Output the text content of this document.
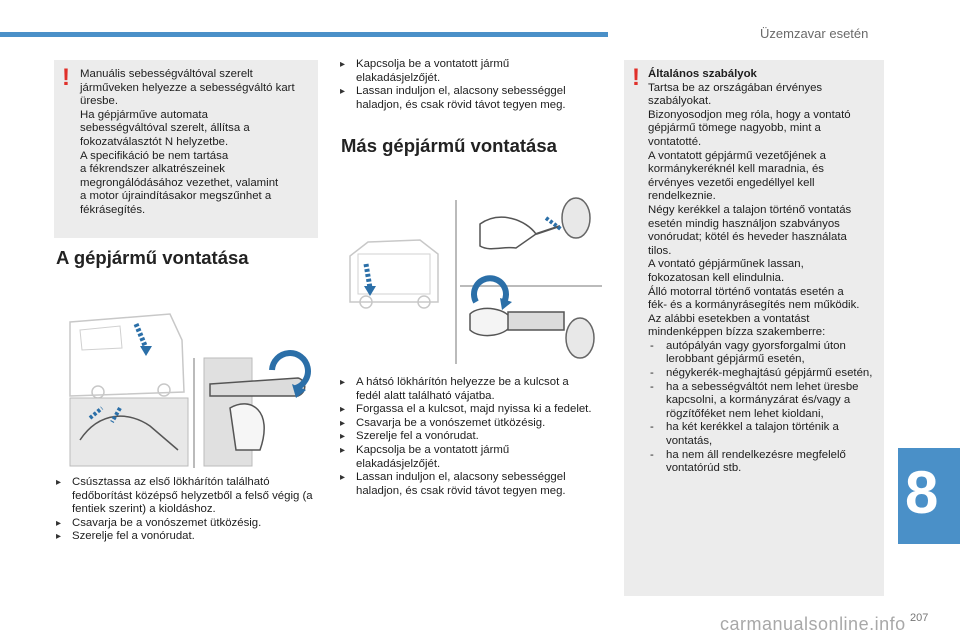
Üzemzavar esetén
! Manuális sebességváltóval szerelt

járműveken helyezze a sebességváltó kart

üresbe.

Ha gépjárműve automata

sebességváltóval szerelt, állítsa a

fokozatválasztót N helyzetbe.

A specifikáció be nem tartása

a fékrendszer alkatrészeinek

megrongálódásához vezethet, valamint

a motor újraindításakor megszűnhet a

fékrásegítés.

A gépjármű vontatása
▸ Csúsztassa az első lökhárítón található fedőborítást középső helyzetből a felső végig (a fentiek szerint) a kioldáshoz.
▸ Csavarja be a vonószemet ütközésig.
▸ Szerelje fel a vonórudat.
▸ Kapcsolja be a vontatott jármű elakadásjelzőjét.
▸ Lassan induljon el, alacsony sebességgel haladjon, és csak rövid távot tegyen meg.
Más gépjármű vontatása
▸ A hátsó lökhárítón helyezze be a kulcsot a fedél alatt található vájatba.
▸ Forgassa el a kulcsot, majd nyissa ki a fedelet.
▸ Csavarja be a vonószemet ütközésig.
▸ Szerelje fel a vonórudat.
▸ Kapcsolja be a vontatott jármű elakadásjelzőjét.
▸ Lassan induljon el, alacsony sebességgel haladjon, és csak rövid távot tegyen meg.
! Általános szabályok

Tartsa be az országában érvényes

szabályokat.

Bizonyosodjon meg róla, hogy a vontató

gépjármű tömege nagyobb, mint a

vontatotté.

A vontatott gépjármű vezetőjének a

kormánykeréknél kell maradnia, és

érvényes vezetői engedéllyel kell

rendelkeznie.

Négy kerékkel a talajon történő vontatás

esetén mindig használjon szabványos

vonórudat; kötél és heveder használata

tilos.

A vontató gépjárműnek lassan,

fokozatosan kell elindulnia.

Álló motorral történő vontatás esetén a

fék- és a kormányrásegítés nem működik.

Az alábbi esetekben a vontatást

mindenképpen bízza szakemberre:

- autópályán vagy gyorsforgalmi úton lerobbant gépjármű esetén,
- négykerék-meghajtású gépjármű esetén,
- ha a sebességváltót nem lehet üresbe kapcsolni, a kormányzárat és/vagy a rögzítőféket nem lehet kioldani,
- ha két kerékkel a talajon történik a vontatás,
- ha nem áll rendelkezésre megfelelő vontatórúd stb.	8
carmanualsonline.info 207
